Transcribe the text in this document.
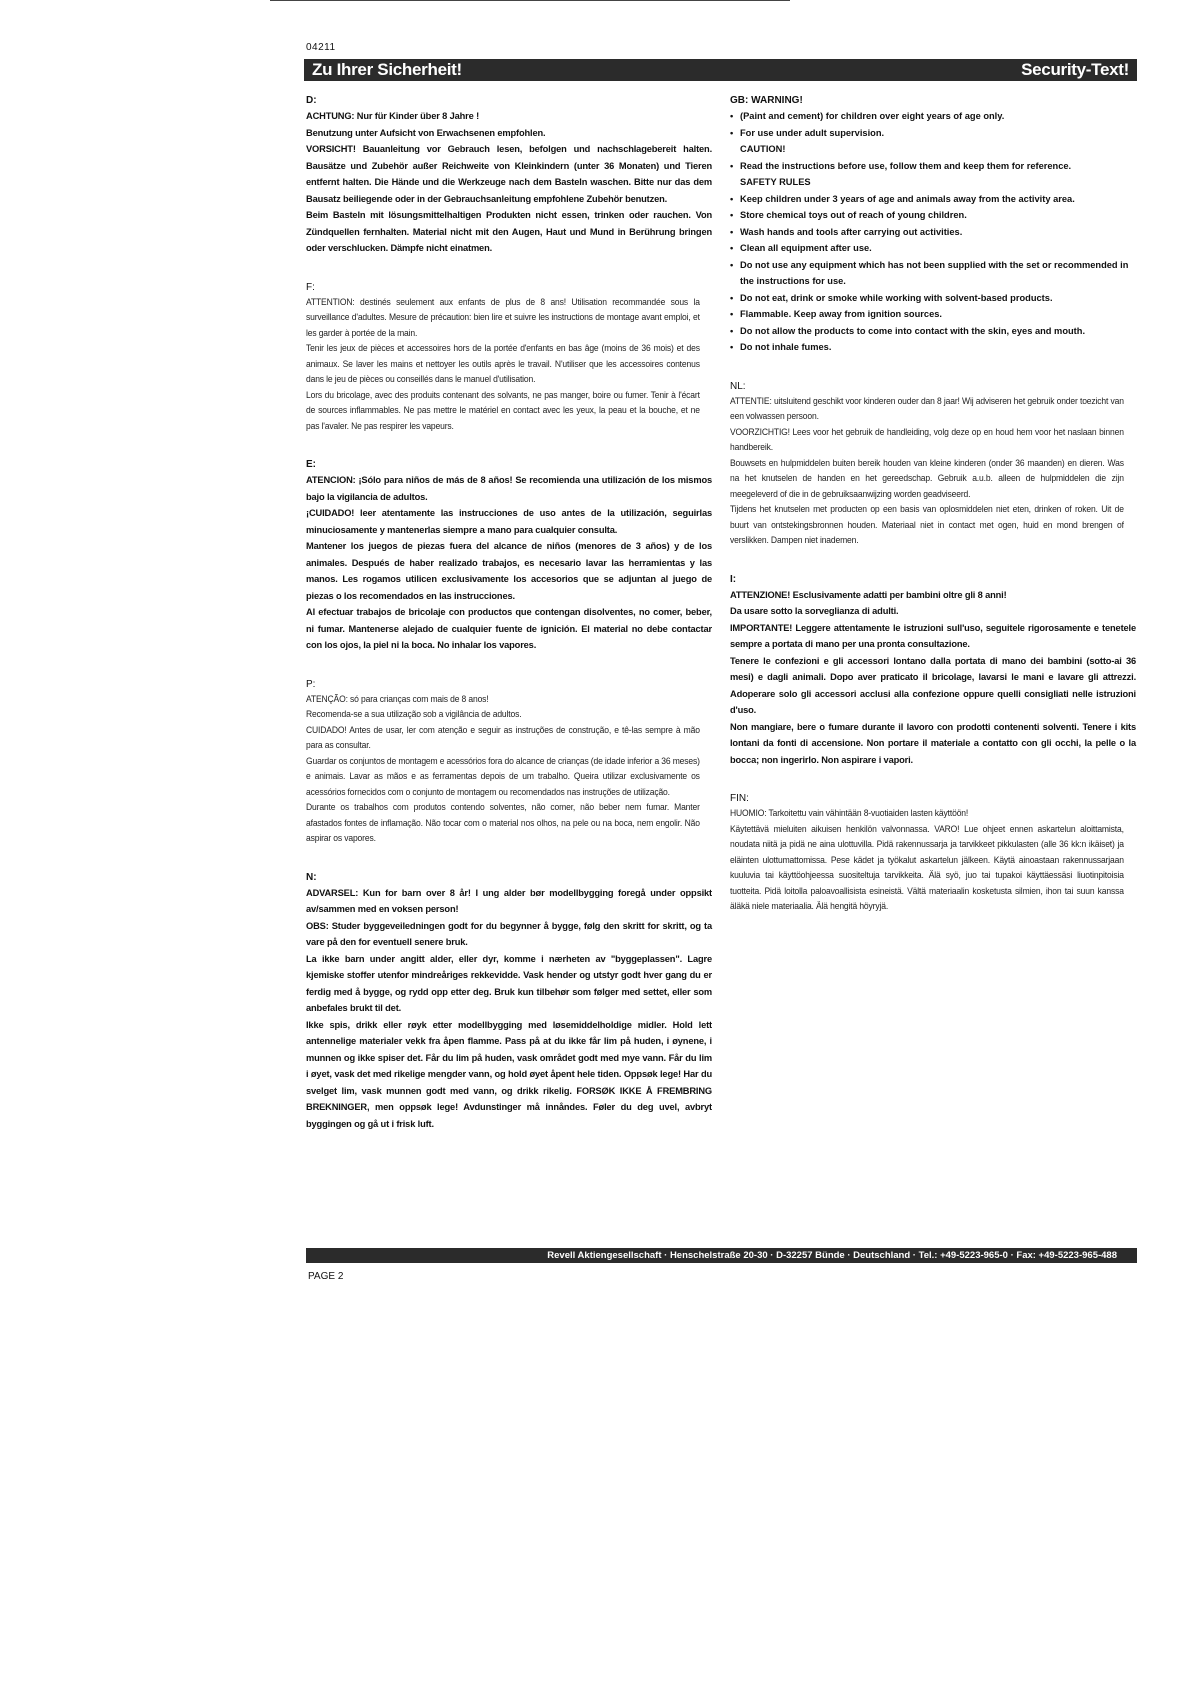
04211
Zu Ihrer Sicherheit!	Security-Text!
D:

ACHTUNG: Nur für Kinder über 8 Jahre !

Benutzung unter Aufsicht von Erwachsenen empfohlen.

VORSICHT! Bauanleitung vor Gebrauch lesen, befolgen und nachschlagebereit halten. Bausätze und Zubehör außer Reichweite von Kleinkindern (unter 36 Monaten) und Tieren entfernt halten. Die Hände und die Werkzeuge nach dem Basteln waschen. Bitte nur das dem Bausatz beiliegende oder in der Gebrauchsanleitung empfohlene Zubehör benutzen.

Beim Basteln mit lösungsmittelhaltigen Produkten nicht essen, trinken oder rauchen. Von Zündquellen fernhalten. Material nicht mit den Augen, Haut und Mund in Berührung bringen oder verschlucken. Dämpfe nicht einatmen.

F:

ATTENTION: destinés seulement aux enfants de plus de 8 ans! Utilisation recommandée sous la surveillance d'adultes. Mesure de précaution: bien lire et suivre les instructions de montage avant emploi, et les garder à portée de la main.

Tenir les jeux de pièces et accessoires hors de la portée d'enfants en bas âge (moins de 36 mois) et des animaux. Se laver les mains et nettoyer les outils après le travail. N'utiliser que les accessoires contenus dans le jeu de pièces ou conseillés dans le manuel d'utilisation.

Lors du bricolage, avec des produits contenant des solvants, ne pas manger, boire ou fumer. Tenir à l'écart de sources inflammables. Ne pas mettre le matériel en contact avec les yeux, la peau et la bouche, et ne pas l'avaler. Ne pas respirer les vapeurs.

E:

ATENCION: ¡Sólo para niños de más de 8 años! Se recomienda una utilización de los mismos bajo la vigilancia de adultos.

¡CUIDADO! leer atentamente las instrucciones de uso antes de la utilización, seguirlas minuciosamente y mantenerlas siempre a mano para cualquier consulta.

Mantener los juegos de piezas fuera del alcance de niños (menores de 3 años) y de los animales. Después de haber realizado trabajos, es necesario lavar las herramientas y las manos. Les rogamos utilicen exclusivamente los accesorios que se adjuntan al juego de piezas o los recomendados en las instrucciones.

Al efectuar trabajos de bricolaje con productos que contengan disolventes, no comer, beber, ni fumar. Mantenerse alejado de cualquier fuente de ignición. El material no debe contactar con los ojos, la piel ni la boca. No inhalar los vapores.

P:

ATENÇÃO: só para crianças com mais de 8 anos!

Recomenda-se a sua utilização sob a vigilância de adultos.

CUIDADO! Antes de usar, ler com atenção e seguir as instruções de construção, e tê-las sempre à mão para as consultar.

Guardar os conjuntos de montagem e acessórios fora do alcance de crianças (de idade inferior a 36 meses) e animais. Lavar as mãos e as ferramentas depois de um trabalho. Queira utilizar exclusivamente os acessórios fornecidos com o conjunto de montagem ou recomendados nas instruções de utilização.

Durante os trabalhos com produtos contendo solventes, não comer, não beber nem fumar. Manter afastados fontes de inflamação. Não tocar com o material nos olhos, na pele ou na boca, nem engolir. Não aspirar os vapores.

N:

ADVARSEL: Kun for barn over 8 år! I ung alder bør modellbygging foregå under oppsikt av/sammen med en voksen person!

OBS: Studer byggeveiledningen godt for du begynner å bygge, følg den skritt for skritt, og ta vare på den for eventuell senere bruk.

La ikke barn under angitt alder, eller dyr, komme i nærheten av "byggeplassen". Lagre kjemiske stoffer utenfor mindreåriges rekkevidde. Vask hender og utstyr godt hver gang du er ferdig med å bygge, og rydd opp etter deg. Bruk kun tilbehør som følger med settet, eller som anbefales brukt til det.

Ikke spis, drikk eller røyk etter modellbygging med løsemiddelholdige midler. Hold lett antennelige materialer vekk fra åpen flamme. Pass på at du ikke får lim på huden, i øynene, i munnen og ikke spiser det. Får du lim på huden, vask området godt med mye vann. Får du lim i øyet, vask det med rikelige mengder vann, og hold øyet åpent hele tiden. Oppsøk lege! Har du svelget lim, vask munnen godt med vann, og drikk rikelig. FORSØK IKKE Å FREMBRING BREKNINGER, men oppsøk lege! Avdunstinger må innåndes. Føler du deg uvel, avbryt byggingen og gå ut i frisk luft.

GB: WARNING!
• (Paint and cement) for children over eight years of age only.
• For use under adult supervision.
CAUTION!
• Read the instructions before use, follow them and keep them for reference.
SAFETY RULES
• Keep children under 3 years of age and animals away from the activity area.
• Store chemical toys out of reach of young children.
• Wash hands and tools after carrying out activities.
• Clean all equipment after use.
• Do not use any equipment which has not been supplied with the set or recommended in the instructions for use.
• Do not eat, drink or smoke while working with solvent-based products.
• Flammable. Keep away from ignition sources.
• Do not allow the products to come into contact with the skin, eyes and mouth.
• Do not inhale fumes.
NL:

ATTENTIE: uitsluitend geschikt voor kinderen ouder dan 8 jaar! Wij adviseren het gebruik onder toezicht van een volwassen persoon.

VOORZICHTIG! Lees voor het gebruik de handleiding, volg deze op en houd hem voor het naslaan binnen handbereik.

Bouwsets en hulpmiddelen buiten bereik houden van kleine kinderen (onder 36 maanden) en dieren. Was na het knutselen de handen en het gereedschap. Gebruik a.u.b. alleen de hulpmiddelen die zijn meegeleverd of die in de gebruiksaanwijzing worden geadviseerd.

Tijdens het knutselen met producten op een basis van oplosmiddelen niet eten, drinken of roken. Uit de buurt van ontstekingsbronnen houden. Materiaal niet in contact met ogen, huid en mond brengen of verslikken. Dampen niet inademen.

I:

ATTENZIONE! Esclusivamente adatti per bambini oltre gli 8 anni!

Da usare sotto la sorveglianza di adulti.

IMPORTANTE! Leggere attentamente le istruzioni sull'uso, seguitele rigorosamente e tenetele sempre a portata di mano per una pronta consultazione.

Tenere le confezioni e gli accessori lontano dalla portata di mano dei bambini (sotto-ai 36 mesi) e dagli animali. Dopo aver praticato il bricolage, lavarsi le mani e lavare gli attrezzi. Adoperare solo gli accessori acclusi alla confezione oppure quelli consigliati nelle istruzioni d'uso.

Non mangiare, bere o fumare durante il lavoro con prodotti contenenti solventi. Tenere i kits lontani da fonti di accensione. Non portare il materiale a contatto con gli occhi, la pelle o la bocca; non ingerirlo. Non aspirare i vapori.

FIN:

HUOMIO: Tarkoitettu vain vähintään 8-vuotiaiden lasten käyttöön!

Käytettävä mieluiten aikuisen henkilön valvonnassa. VARO! Lue ohjeet ennen askartelun aloittamista, noudata niitä ja pidä ne aina ulottuvilla. Pidä rakennussarja ja tarvikkeet pikkulasten (alle 36 kk:n ikäiset) ja eläinten ulottumattomissa. Pese kädet ja työkalut askartelun jälkeen. Käytä ainoastaan rakennussarjaan kuuluvia tai käyttöohjeessa suositeltuja tarvikkeita. Älä syö, juo tai tupakoi käyttäessäsi liuotinpitoisia tuotteita. Pidä loitolla paloavoallisista esineistä. Vältä materiaalin kosketusta silmien, ihon tai suun kanssa äläkä niele materiaalia. Älä hengitä höyryjä.

Revell Aktiengesellschaft · Henschelstraße 20-30 · D-32257 Bünde · Deutschland · Tel.: +49-5223-965-0 · Fax: +49-5223-965-488
PAGE 2
